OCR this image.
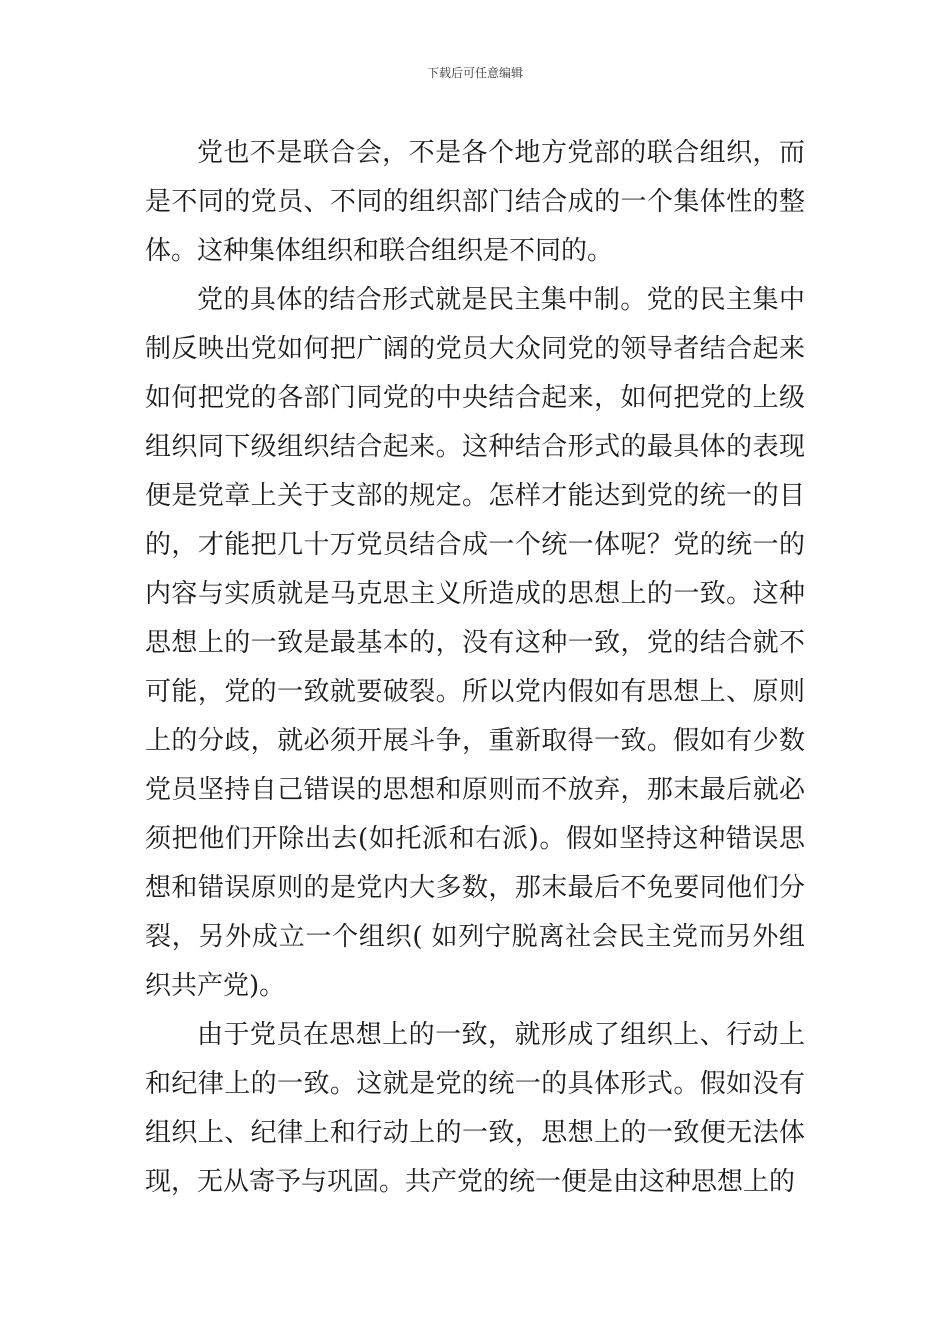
下载后可任意编辑

党也不是联合会，不是各个地方党部的联合组织，而是不同的党员、不同的组织部门结合成的一个集体性的整体。这种集体组织和联合组织是不同的。

党的具体的结合形式就是民主集中制。党的民主集中制反映出党如何把广阔的党员大众同党的领导者结合起来如何把党的各部门同党的中央结合起来，如何把党的上级组织同下级组织结合起来。这种结合形式的最具体的表现便是党章上关于支部的规定。怎样才能达到党的统一的目的，才能把几十万党员结合成一个统一体呢？党的统一的内容与实质就是马克思主义所造成的思想上的一致。这种思想上的一致是最基本的，没有这种一致，党的结合就不可能，党的一致就要破裂。所以党内假如有思想上、原则上的分歧，就必须开展斗争，重新取得一致。假如有少数党员坚持自己错误的思想和原则而不放弃，那末最后就必须把他们开除出去(如托派和右派)。假如坚持这种错误思想和错误原则的是党内大多数，那末最后不免要同他们分裂，另外成立一个组织( 如列宁脱离社会民主党而另外组织共产党)。

由于党员在思想上的一致，就形成了组织上、行动上和纪律上的一致。这就是党的统一的具体形式。假如没有组织上、纪律上和行动上的一致，思想上的一致便无法体现，无从寄予与巩固。共产党的统一便是由这种思想上的
